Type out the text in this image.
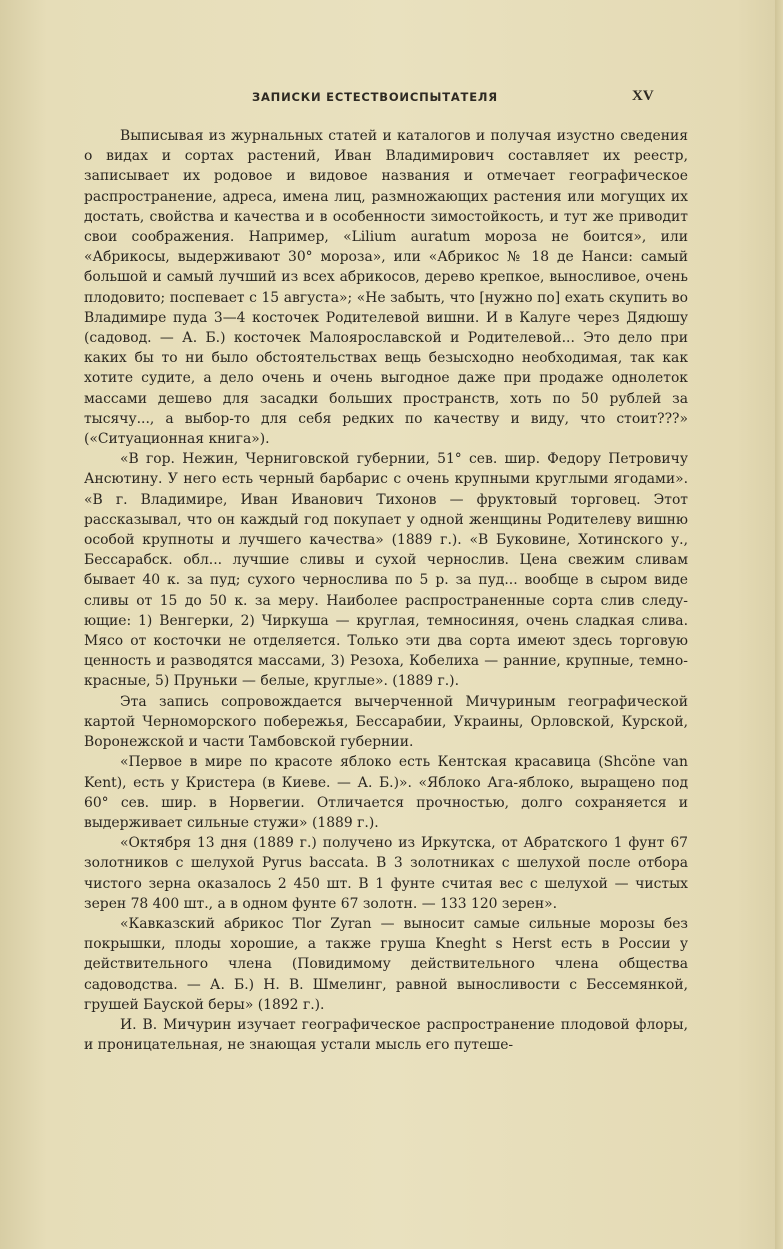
ЗАПИСКИ ЕСТЕСТВОИСПЫТАТЕЛЯ	XV

Выписывая из журнальных статей и каталогов и получая изустно сведения о видах и сортах растений, Иван Владимирович составляет их реестр, записывает их родовое и видовое названия и отмечает географическое распространение, адреса, имена лиц, размножающих растения или могущих их достать, свойства и качества и в особенности зимостойкость, и тут же приводит свои соображения. Например, «Lilium auratum мороза не боится», или «Абрикосы, выдерживают 30° мороза», или «Абрикос № 18 де Нанси: самый большой и самый лучший из всех абрикосов, дерево крепкое, выносливое, очень плодовито; поспевает с 15 августа»; «Не забыть, что [нужно по] ехать скупить во Владимире пуда 3—4 косточек Родителевой вишни. И в Калуге через Дядюшу (садовод. — А. Б.) косточек Малоярославской и Родителевой... Это дело при каких бы то ни было обстоятельствах вещь безысходно необходимая, так как хотите судите, а дело очень и очень выгодное даже при продаже однолеток массами дешево для засадки больших пространств, хоть по 50 рублей за тысячу..., а выбор-то для себя редких по качеству и виду, что стоит???» («Ситуационная книга»).

«В гор. Нежин, Черниговской губернии, 51° сев. шир. Федору Петровичу Ансютину. У него есть черный барбарис с очень крупными круглыми ягодами». «В г. Владимире, Иван Иванович Тихонов — фруктовый торговец. Этот рассказывал, что он каждый год покупает у одной женщины Родителеву вишню особой крупноты и лучшего качества» (1889 г.). «В Буковине, Хотинского у., Бессарабск. обл... лучшие сливы и сухой чернослив. Цена свежим сливам бывает 40 к. за пуд; сухого чернослива по 5 р. за пуд... вообще в сыром виде сливы от 15 до 50 к. за меру. Наиболее распространенные сорта слив следующие: 1) Венгерки, 2) Чиркуша — круглая, темносиняя, очень сладкая слива. Мясо от косточки не отделяется. Только эти два сорта имеют здесь торговую ценность и разводятся массами, 3) Резоха, Кобелиха — ранние, крупные, темно-красные, 5) Пруньки — белые, круглые». (1889 г.).

Эта запись сопровождается вычерченной Мичуриным географической картой Черноморского побережья, Бессарабии, Украины, Орловской, Курской, Воронежской и части Тамбовской губернии.

«Первое в мире по красоте яблоко есть Кентская красавица (Shcöne van Kent), есть у Кристера (в Киеве. — А. Б.)». «Яблоко Ага-яблоко, выращено под 60° сев. шир. в Норвегии. Отличается прочностью, долго сохраняется и выдерживает сильные стужи» (1889 г.).

«Октября 13 дня (1889 г.) получено из Иркутска, от Абратского 1 фунт 67 золотников с шелухой Pyrus baccata. В 3 золотниках с шелухой после отбора чистого зерна оказалось 2 450 шт. В 1 фунте считая вес с шелухой — чистых зерен 78 400 шт., а в одном фунте 67 золотн. — 133 120 зерен».

«Кавказский абрикос Tlor Zyran — выносит самые сильные морозы без покрышки, плоды хорошие, а также груша Kneght s Herst есть в России у действительного члена (Повидимому действительного члена общества садоводства. — А. Б.) Н. В. Шмелинг, равной выносливости с Бессемянкой, грушей Бауской беры» (1892 г.).

И. В. Мичурин изучает географическое распространение плодовой флоры, и проницательная, не знающая устали мысль его путеше-
